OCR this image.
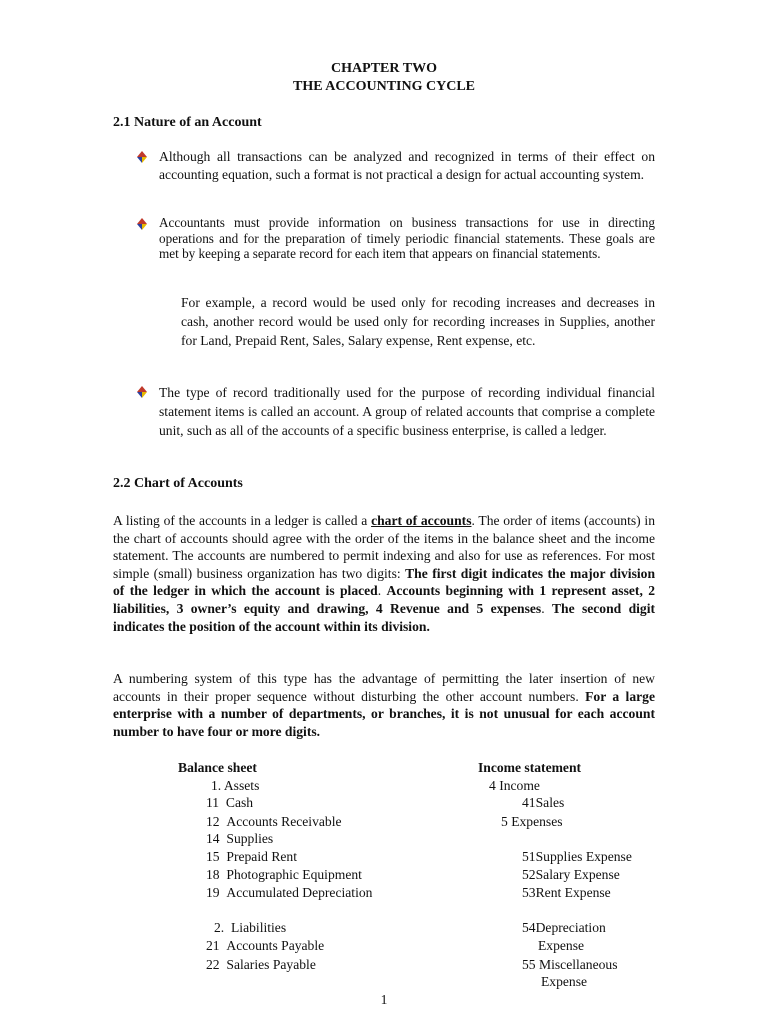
CHAPTER TWO
THE ACCOUNTING CYCLE
2.1 Nature of an Account
Although all transactions can be analyzed and recognized in terms of their effect on accounting equation, such a format is not practical a design for actual accounting system.
Accountants must provide information on business transactions for use in directing operations and for the preparation of timely periodic financial statements. These goals are met by keeping a separate record for each item that appears on financial statements.
For example, a record would be used only for recoding increases and decreases in cash, another record would be used only for recording increases in Supplies, another for Land, Prepaid Rent, Sales, Salary expense, Rent expense, etc.
The type of record traditionally used for the purpose of recording individual financial statement items is called an account. A group of related accounts that comprise a complete unit, such as all of the accounts of a specific business enterprise, is called a ledger.
2.2 Chart of Accounts
A listing of the accounts in a ledger is called a chart of accounts. The order of items (accounts) in the chart of accounts should agree with the order of the items in the balance sheet and the income statement. The accounts are numbered to permit indexing and also for use as references. For most simple (small) business organization has two digits: The first digit indicates the major division of the ledger in which the account is placed. Accounts beginning with 1 represent asset, 2 liabilities, 3 owner’s equity and drawing, 4 Revenue and 5 expenses. The second digit indicates the position of the account within its division.
A numbering system of this type has the advantage of permitting the later insertion of new accounts in their proper sequence without disturbing the other account numbers. For a large enterprise with a number of departments, or branches, it is not unusual for each account number to have four or more digits.
Balance sheet
1. Assets
11 Cash
12 Accounts Receivable
14 Supplies
15 Prepaid Rent
18 Photographic Equipment
19 Accumulated Depreciation
2. Liabilities
21 Accounts Payable
22 Salaries Payable
Income statement
4 Income
41Sales
5 Expenses
51Supplies Expense
52Salary Expense
53Rent Expense
54Depreciation
Expense
55 Miscellaneous
Expense
1
